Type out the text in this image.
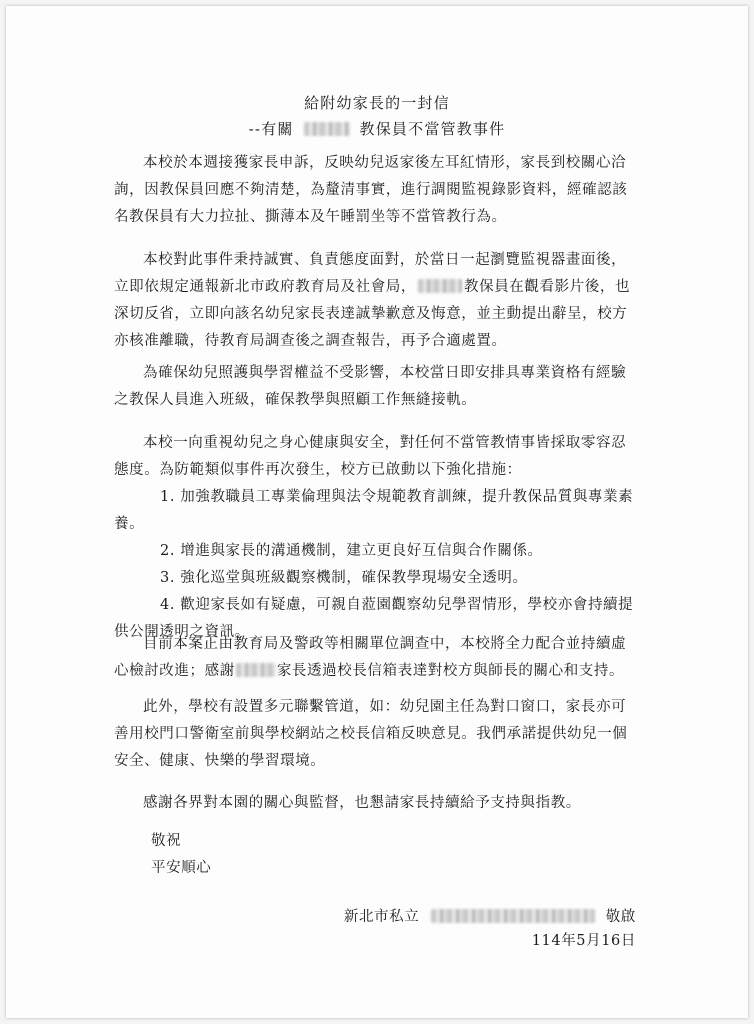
給附幼家長的一封信
--有關	教保員不當管教事件
本校於本週接獲家長申訴，反映幼兒返家後左耳紅情形，家長到校關心洽
詢，因教保員回應不夠清楚，為釐清事實，進行調閱監視錄影資料，經確認該
名教保員有大力拉扯、撕薄本及午睡罰坐等不當管教行為。
本校對此事件秉持誠實、負責態度面對，於當日一起瀏覽監視器畫面後，
立即依規定通報新北市政府教育局及社會局，	教保員在觀看影片後，也
深切反省，立即向該名幼兒家長表達誠摯歉意及悔意，並主動提出辭呈，校方
亦核准離職，待教育局調查後之調查報告，再予合適處置。
為確保幼兒照護與學習權益不受影響，本校當日即安排具專業資格有經驗
之教保人員進入班級，確保教學與照顧工作無縫接軌。
本校一向重視幼兒之身心健康與安全，對任何不當管教情事皆採取零容忍
態度。為防範類似事件再次發生，校方已啟動以下強化措施：
1. 加強教職員工專業倫理與法令規範教育訓練，提升教保品質與專業素
養。
2. 增進與家長的溝通機制，建立更良好互信與合作關係。
3. 強化巡堂與班級觀察機制，確保教學現場安全透明。
4. 歡迎家長如有疑慮，可親自蒞園觀察幼兒學習情形，學校亦會持續提
供公開透明之資訊。
目前本案正由教育局及警政等相關單位調查中，本校將全力配合並持續虛
心檢討改進；感謝	家長透過校長信箱表達對校方與師長的關心和支持。
此外，學校有設置多元聯繫管道，如：幼兒園主任為對口窗口，家長亦可
善用校門口警衛室前與學校網站之校長信箱反映意見。我們承諾提供幼兒一個
安全、健康、快樂的學習環境。
感謝各界對本園的關心與監督，也懇請家長持續給予支持與指教。
敬祝
平安順心
新北市私立	敬啟
114年5月16日
